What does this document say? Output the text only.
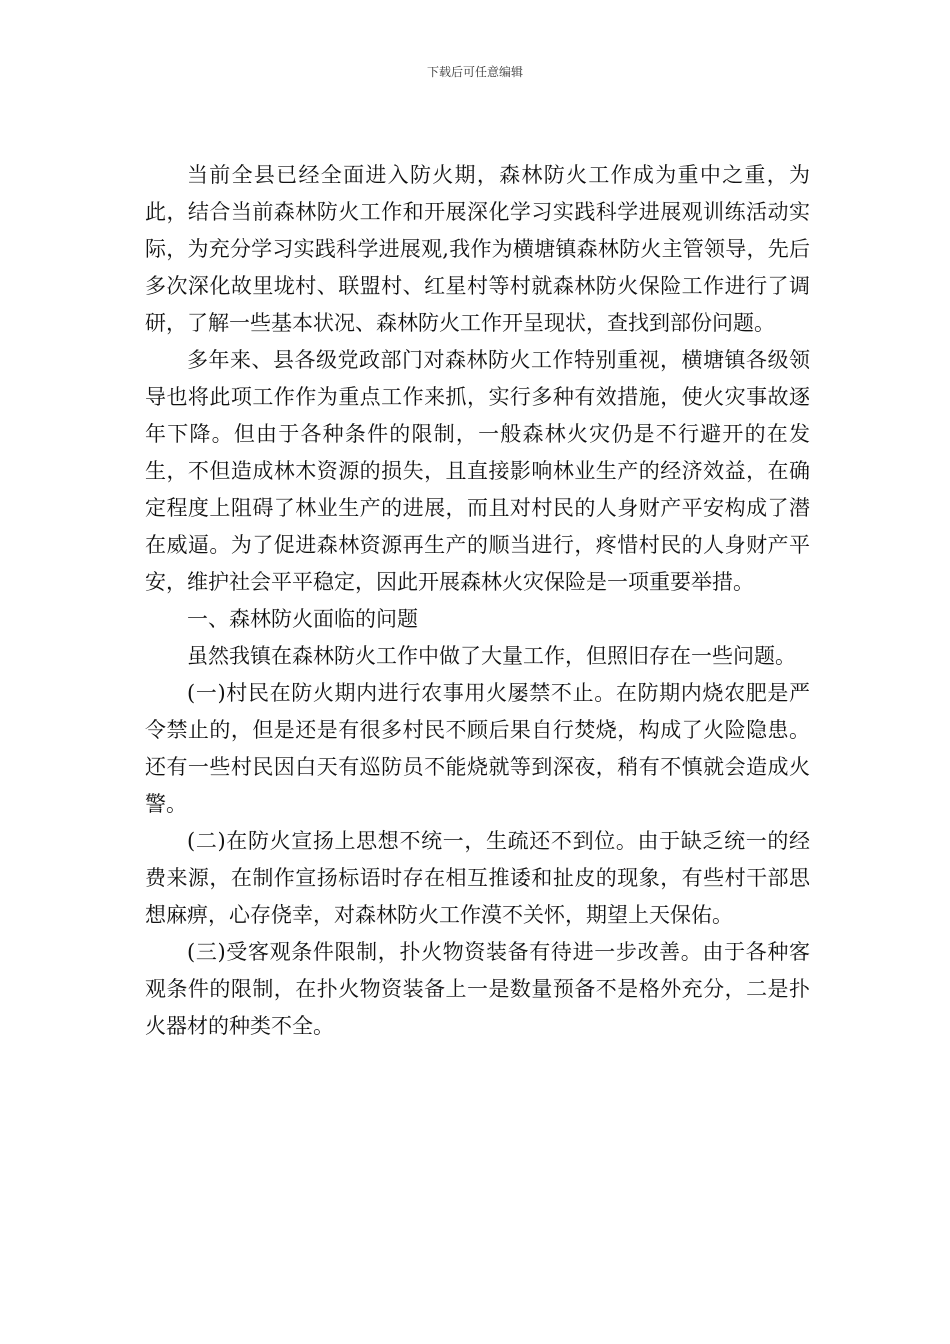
下载后可任意编辑

当前全县已经全面进入防火期，森林防火工作成为重中之重，为此，结合当前森林防火工作和开展深化学习实践科学进展观训练活动实际，为充分学习实践科学进展观,我作为横塘镇森林防火主管领导，先后多次深化故里垅村、联盟村、红星村等村就森林防火保险工作进行了调研，了解一些基本状况、森林防火工作开呈现状，查找到部份问题。

多年来、县各级党政部门对森林防火工作特别重视，横塘镇各级领导也将此项工作作为重点工作来抓，实行多种有效措施，使火灾事故逐年下降。但由于各种条件的限制，一般森林火灾仍是不行避开的在发生，不但造成林木资源的损失，且直接影响林业生产的经济效益，在确定程度上阻碍了林业生产的进展，而且对村民的人身财产平安构成了潜在威逼。为了促进森林资源再生产的顺当进行，疼惜村民的人身财产平安，维护社会平平稳定，因此开展森林火灾保险是一项重要举措。

一、森林防火面临的问题

虽然我镇在森林防火工作中做了大量工作，但照旧存在一些问题。

(一)村民在防火期内进行农事用火屡禁不止。在防期内烧农肥是严令禁止的，但是还是有很多村民不顾后果自行焚烧，构成了火险隐患。还有一些村民因白天有巡防员不能烧就等到深夜，稍有不慎就会造成火警。

(二)在防火宣扬上思想不统一，生疏还不到位。由于缺乏统一的经费来源，在制作宣扬标语时存在相互推诿和扯皮的现象，有些村干部思想麻痹，心存侥幸，对森林防火工作漠不关怀，期望上天保佑。

(三)受客观条件限制，扑火物资装备有待进一步改善。由于各种客观条件的限制，在扑火物资装备上一是数量预备不是格外充分，二是扑火器材的种类不全。
